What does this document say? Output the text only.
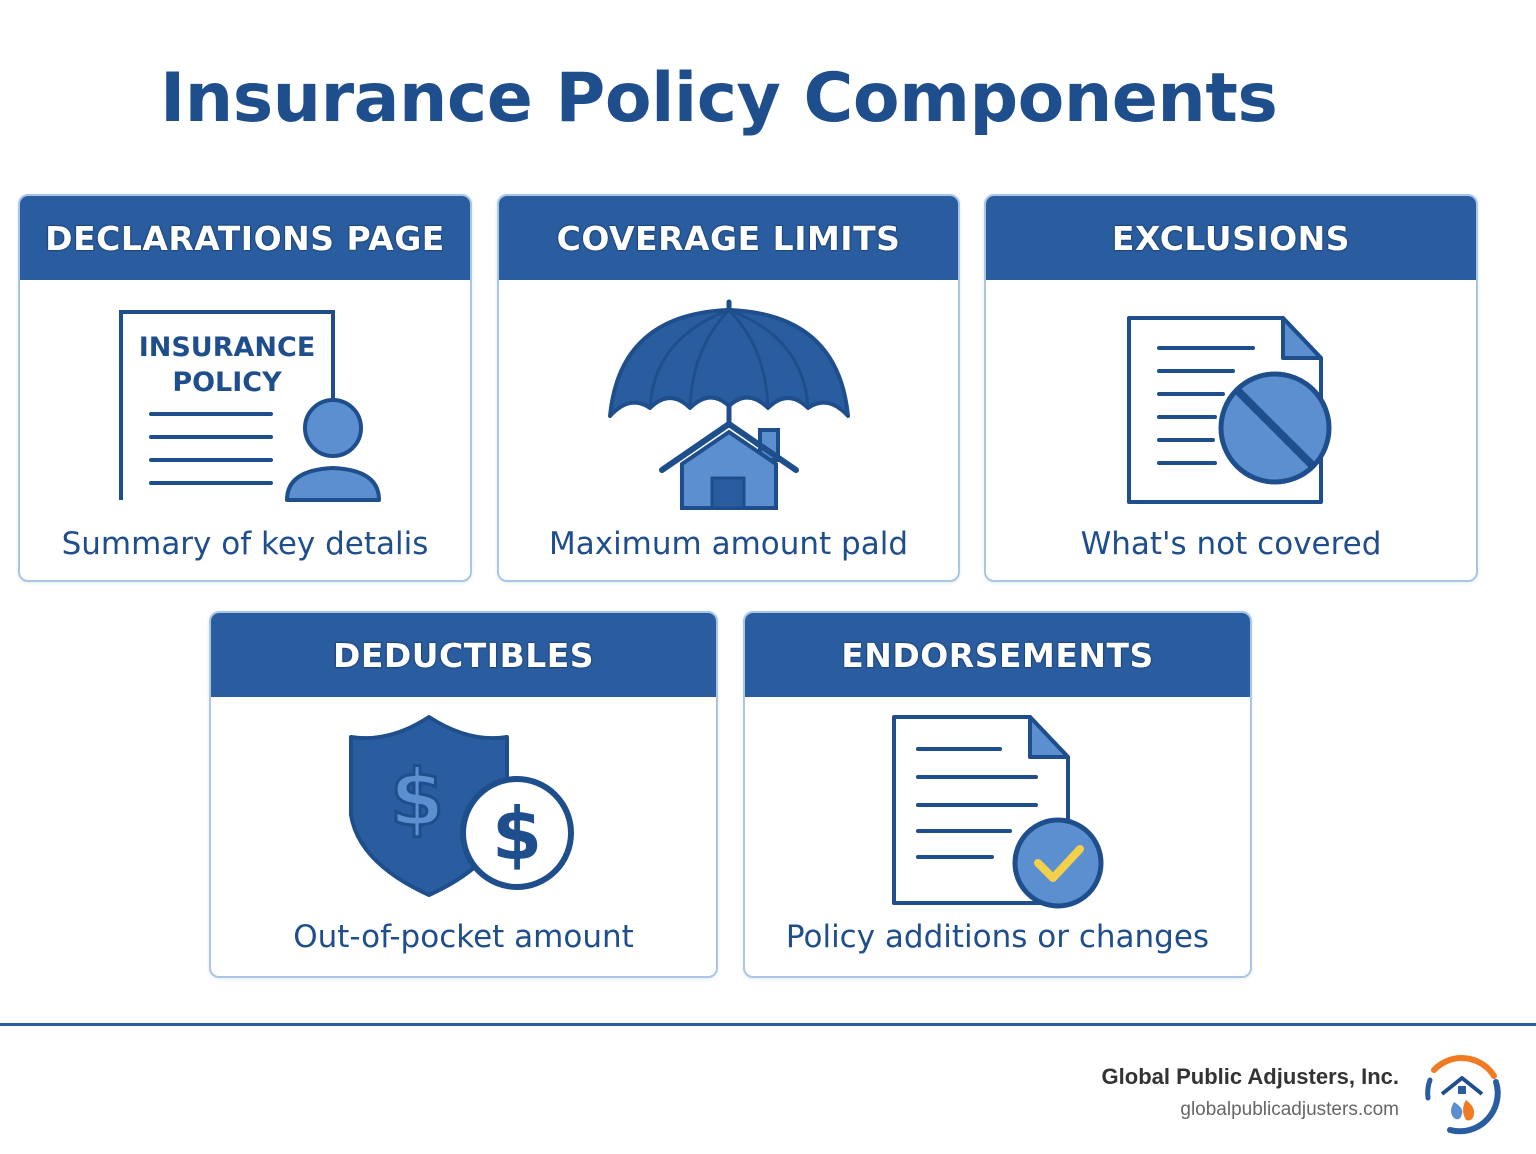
Insurance Policy Components
DECLARATIONS PAGE
INSURANCE
POLICY
Summary of key detalis
COVERAGE LIMITS
Maximum amount pald
EXCLUSIONS
What's not covered
DEDUCTIBLES
$ $
Out-of-pocket amount
ENDORSEMENTS
Policy additions or changes
Global Public Adjusters, Inc.
globalpublicadjusters.com
